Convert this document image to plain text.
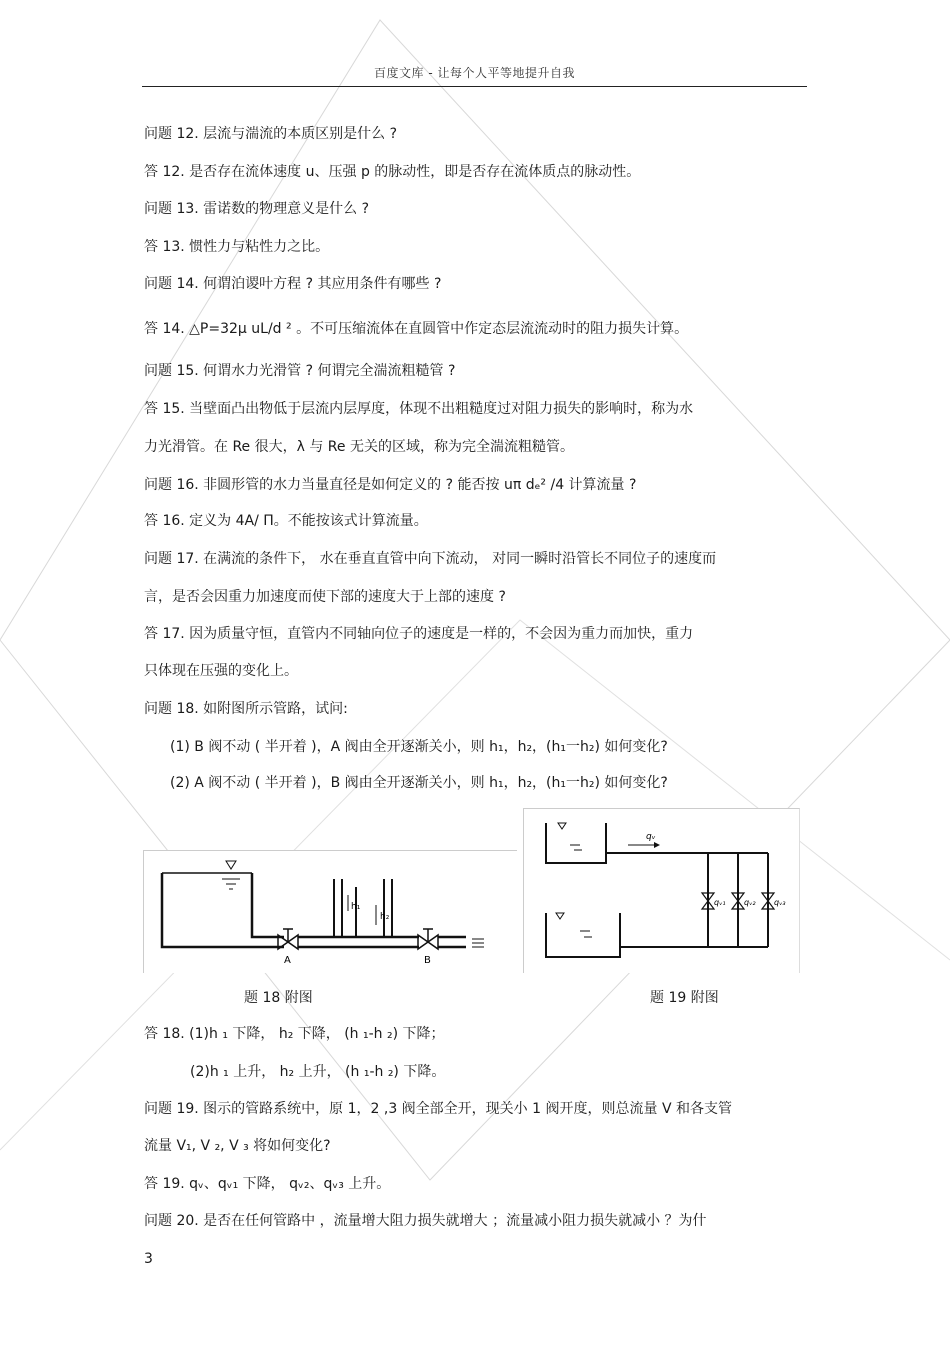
百度文库 - 让每个人平等地提升自我
问题 12. 层流与湍流的本质区别是什么 ?
答 12. 是否存在流体速度 u、压强 p 的脉动性，即是否存在流体质点的脉动性。
问题 13. 雷诺数的物理意义是什么 ?
答 13. 惯性力与粘性力之比。
问题 14. 何谓泊谡叶方程 ? 其应用条件有哪些 ?
答 14. △P=32μ uL/d ² 。不可压缩流体在直圆管中作定态层流流动时的阻力损失计算。
问题 15. 何谓水力光滑管 ? 何谓完全湍流粗糙管 ?
答 15. 当壁面凸出物低于层流内层厚度，体现不出粗糙度过对阻力损失的影响时，称为水
力光滑管。在 Re 很大，λ 与 Re 无关的区域，称为完全湍流粗糙管。
问题 16. 非圆形管的水力当量直径是如何定义的 ? 能否按 uπ dₑ² /4 计算流量 ?
答 16. 定义为 4A/ Π。不能按该式计算流量。
问题 17. 在满流的条件下， 水在垂直直管中向下流动， 对同一瞬时沿管长不同位子的速度而
言，是否会因重力加速度而使下部的速度大于上部的速度 ?
答 17. 因为质量守恒，直管内不同轴向位子的速度是一样的，不会因为重力而加快，重力
只体现在压强的变化上。
问题 18. 如附图所示管路，试问:
(1) B 阀不动 ( 半开着 )，A 阀由全开逐渐关小，则 h₁，h₂，(h₁一h₂) 如何变化?
(2) A 阀不动 ( 半开着 )，B 阀由全开逐渐关小，则 h₁，h₂，(h₁一h₂) 如何变化?
A
h₁
h₂
B
qᵥ
qᵥ₁ qᵥ₂ qᵥ₃
题 18 附图	题 19 附图
答 18. (1)h ₁ 下降， h₂ 下降， (h ₁-h ₂) 下降；
(2)h ₁ 上升， h₂ 上升， (h ₁-h ₂) 下降。
问题 19. 图示的管路系统中，原 1，2 ,3 阀全部全开，现关小 1 阀开度，则总流量 V 和各支管
流量 V₁, V ₂, V ₃ 将如何变化?
答 19. qᵥ、qᵥ₁ 下降， qᵥ₂、qᵥ₃ 上升。
问题 20. 是否在任何管路中 ，流量增大阻力损失就增大 ；流量减小阻力损失就减小 ？为什
3
